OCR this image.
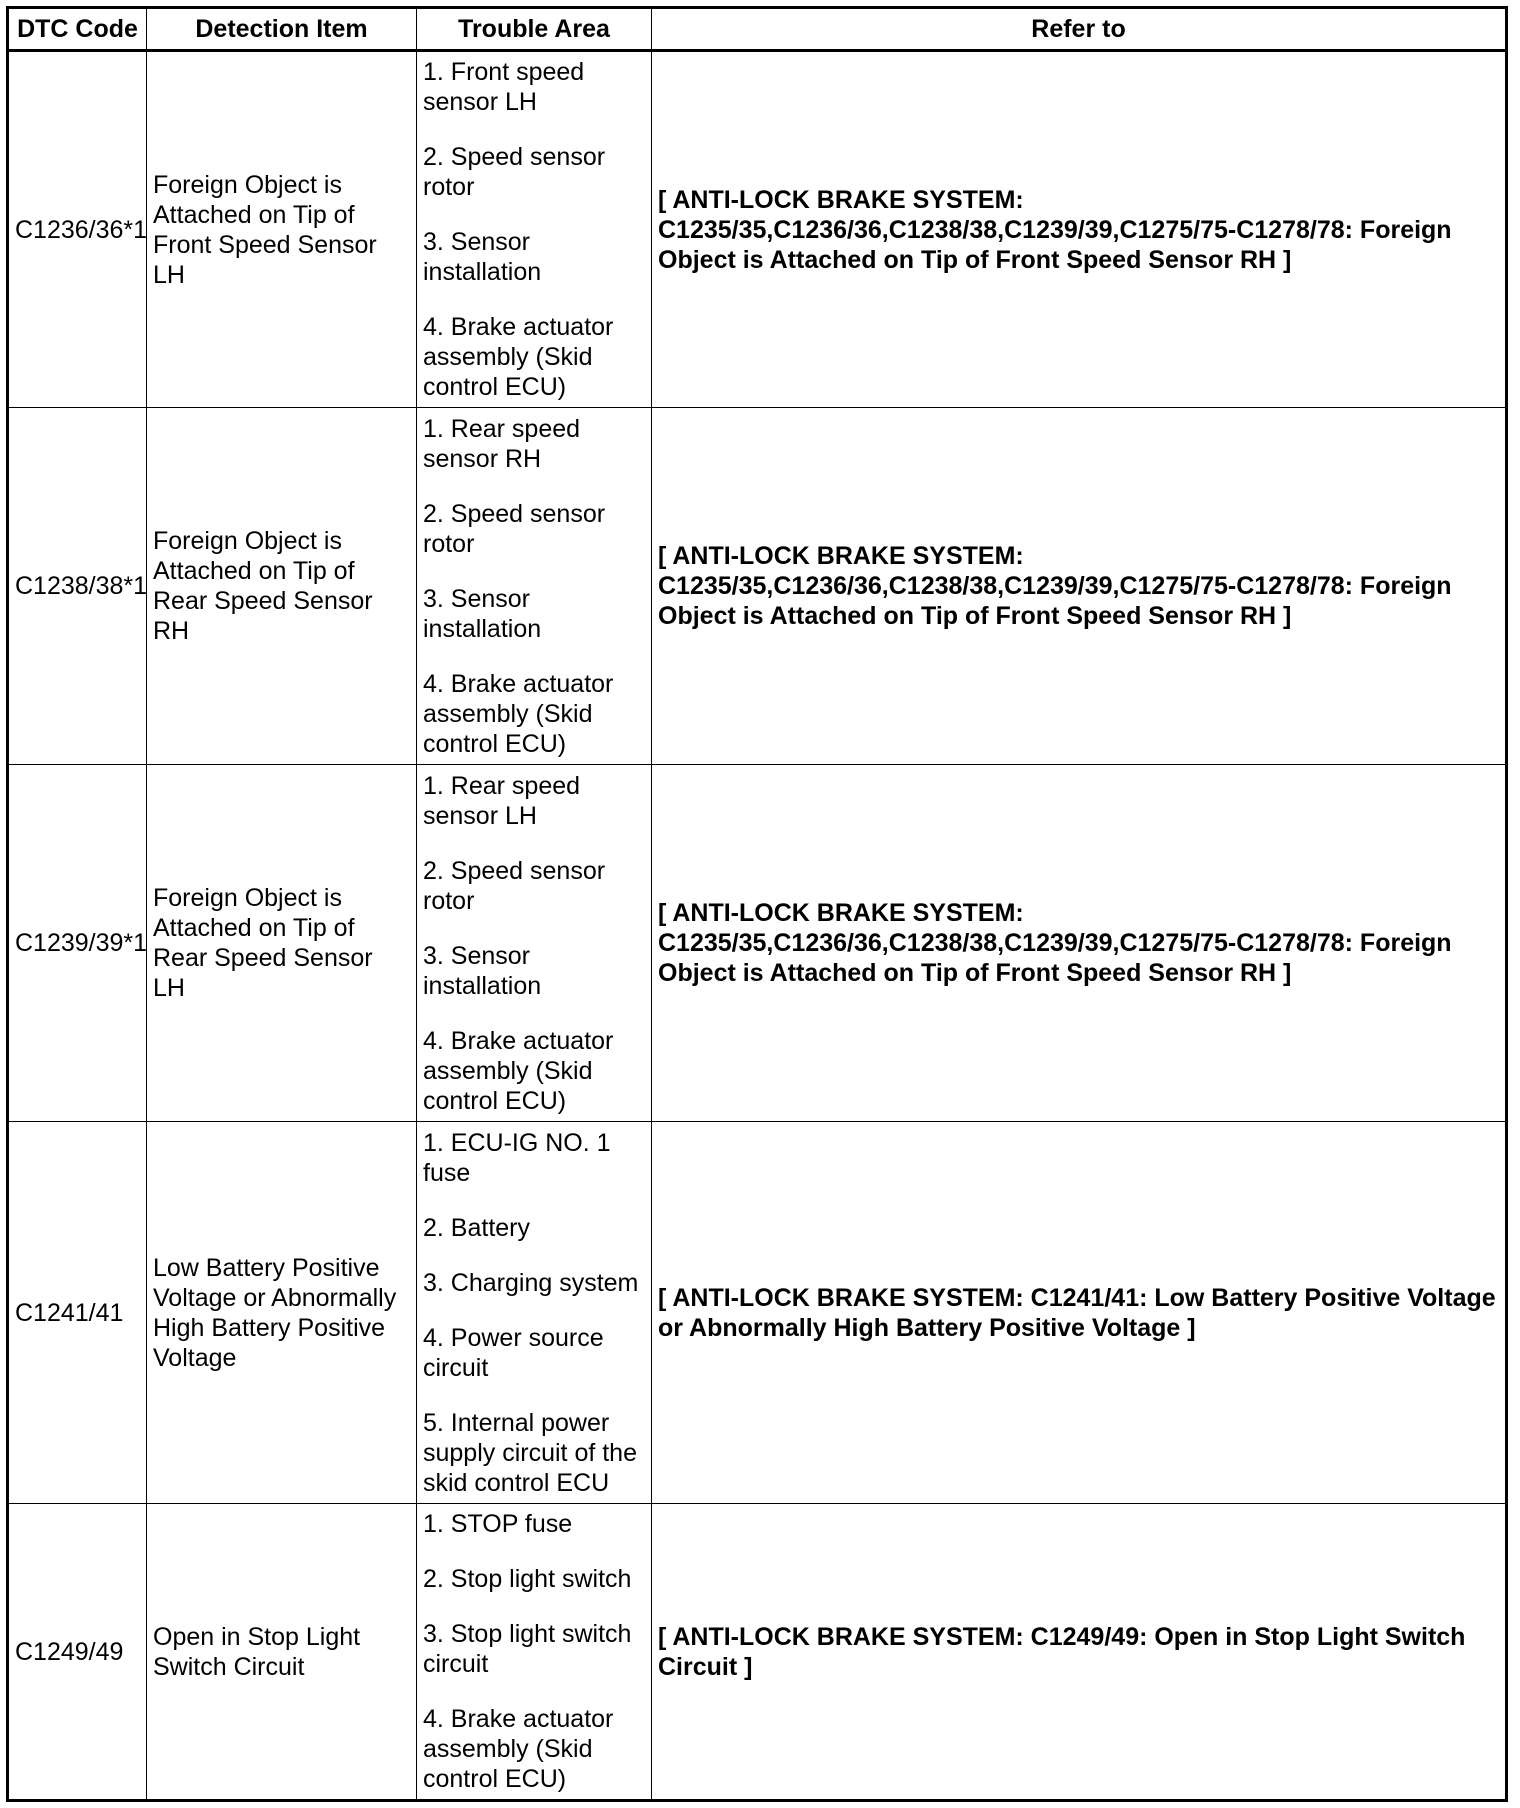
DTC Code	Detection Item	Trouble Area	Refer to
C1236/36*1	Foreign Object is Attached on Tip of Front Speed Sensor LH	1. Front speed sensor LH

2. Speed sensor rotor

3. Sensor installation

4. Brake actuator assembly (Skid control ECU)	[ ANTI-LOCK BRAKE SYSTEM: C1235/35,C1236/36,C1238/38,C1239/39,C1275/75-C1278/78: Foreign Object is Attached on Tip of Front Speed Sensor RH ]
C1238/38*1	Foreign Object is Attached on Tip of Rear Speed Sensor RH	1. Rear speed sensor RH

2. Speed sensor rotor

3. Sensor installation

4. Brake actuator assembly (Skid control ECU)	[ ANTI-LOCK BRAKE SYSTEM: C1235/35,C1236/36,C1238/38,C1239/39,C1275/75-C1278/78: Foreign Object is Attached on Tip of Front Speed Sensor RH ]
C1239/39*1	Foreign Object is Attached on Tip of Rear Speed Sensor LH	1. Rear speed sensor LH

2. Speed sensor rotor

3. Sensor installation

4. Brake actuator assembly (Skid control ECU)	[ ANTI-LOCK BRAKE SYSTEM: C1235/35,C1236/36,C1238/38,C1239/39,C1275/75-C1278/78: Foreign Object is Attached on Tip of Front Speed Sensor RH ]
C1241/41	Low Battery Positive Voltage or Abnormally High Battery Positive Voltage	1. ECU-IG NO. 1 fuse

2. Battery

3. Charging system

4. Power source circuit

5. Internal power supply circuit of the skid control ECU	[ ANTI-LOCK BRAKE SYSTEM: C1241/41: Low Battery Positive Voltage or Abnormally High Battery Positive Voltage ]
C1249/49	Open in Stop Light Switch Circuit	1. STOP fuse

2. Stop light switch

3. Stop light switch circuit

4. Brake actuator assembly (Skid control ECU)	[ ANTI-LOCK BRAKE SYSTEM: C1249/49: Open in Stop Light Switch Circuit ]
